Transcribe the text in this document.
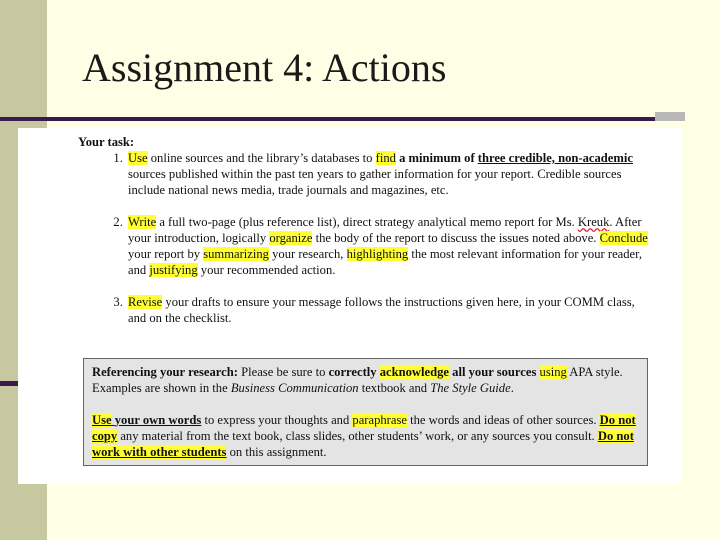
Assignment 4: Actions
Your task:
1. Use online sources and the library’s databases to find a minimum of three credible, non-academic sources published within the past ten years to gather information for your report. Credible sources include national news media, trade journals and magazines, etc.
2. Write a full two-page (plus reference list), direct strategy analytical memo report for Ms. Kreuk. After your introduction, logically organize the body of the report to discuss the issues noted above. Conclude your report by summarizing your research, highlighting the most relevant information for your reader, and justifying your recommended action.
3. Revise your drafts to ensure your message follows the instructions given here, in your COMM class, and on the checklist.

Referencing your research: Please be sure to correctly acknowledge all your sources using APA style. Examples are shown in the Business Communication textbook and The Style Guide.

Use your own words to express your thoughts and paraphrase the words and ideas of other sources. Do not copy any material from the text book, class slides, other students’ work, or any sources you consult. Do not work with other students on this assignment.
